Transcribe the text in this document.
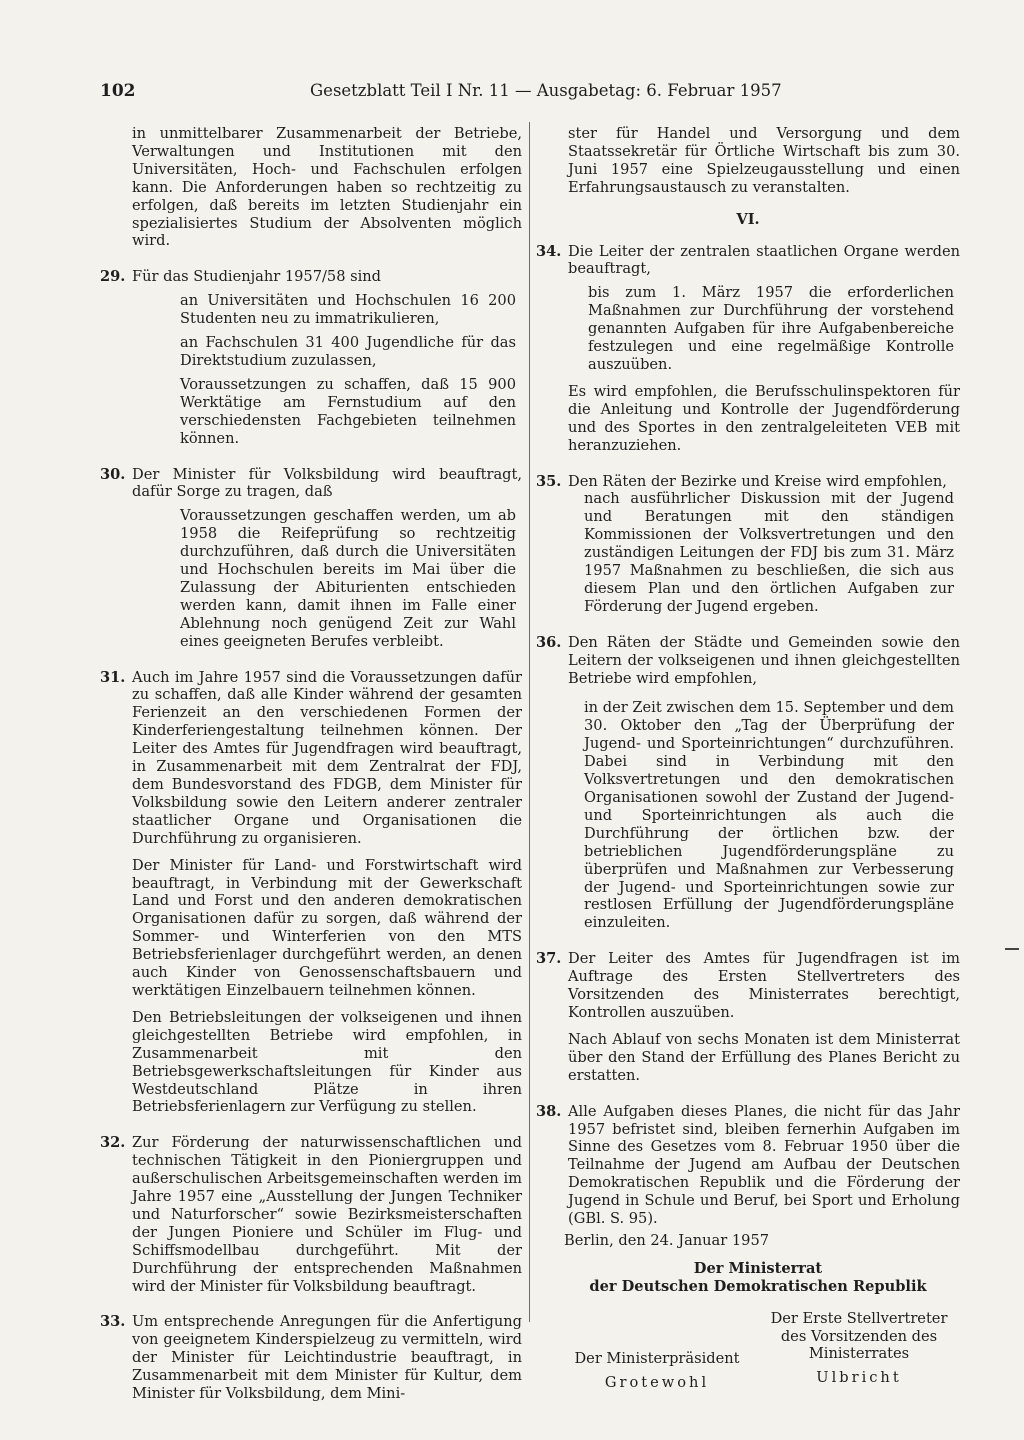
102	Gesetzblatt Teil I Nr. 11 — Ausgabetag: 6. Februar 1957

in unmittelbarer Zusammenarbeit der Betriebe, Verwaltungen und Institutionen mit den Universitäten, Hoch- und Fachschulen erfolgen kann. Die Anforderungen haben so rechtzeitig zu erfolgen, daß bereits im letzten Studienjahr ein spezialisiertes Studium der Absolventen möglich wird.

29. Für das Studienjahr 1957/58 sind

an Universitäten und Hochschulen 16 200 Studenten neu zu immatrikulieren,

an Fachschulen 31 400 Jugendliche für das Direktstudium zuzulassen,

Voraussetzungen zu schaffen, daß 15 900 Werktätige am Fernstudium auf den verschiedensten Fachgebieten teilnehmen können.

30. Der Minister für Volksbildung wird beauftragt, dafür Sorge zu tragen, daß

Voraussetzungen geschaffen werden, um ab 1958 die Reifeprüfung so rechtzeitig durchzuführen, daß durch die Universitäten und Hochschulen bereits im Mai über die Zulassung der Abiturienten entschieden werden kann, damit ihnen im Falle einer Ablehnung noch genügend Zeit zur Wahl eines geeigneten Berufes verbleibt.

31. Auch im Jahre 1957 sind die Voraussetzungen dafür zu schaffen, daß alle Kinder während der gesamten Ferienzeit an den verschiedenen Formen der Kinderferiengestaltung teilnehmen können. Der Leiter des Amtes für Jugendfragen wird beauftragt, in Zusammenarbeit mit dem Zentralrat der FDJ, dem Bundesvorstand des FDGB, dem Minister für Volksbildung sowie den Leitern anderer zentraler staatlicher Organe und Organisationen die Durchführung zu organisieren.

Der Minister für Land- und Forstwirtschaft wird beauftragt, in Verbindung mit der Gewerkschaft Land und Forst und den anderen demokratischen Organisationen dafür zu sorgen, daß während der Sommer- und Winterferien von den MTS Betriebsferienlager durchgeführt werden, an denen auch Kinder von Genossenschaftsbauern und werktätigen Einzelbauern teilnehmen können.

Den Betriebsleitungen der volkseigenen und ihnen gleichgestellten Betriebe wird empfohlen, in Zusammenarbeit mit den Betriebsgewerkschaftsleitungen für Kinder aus Westdeutschland Plätze in ihren Betriebsferienlagern zur Verfügung zu stellen.

32. Zur Förderung der naturwissenschaftlichen und technischen Tätigkeit in den Pioniergruppen und außerschulischen Arbeitsgemeinschaften werden im Jahre 1957 eine „Ausstellung der Jungen Techniker und Naturforscher“ sowie Bezirksmeisterschaften der Jungen Pioniere und Schüler im Flug- und Schiffsmodellbau durchgeführt. Mit der Durchführung der entsprechenden Maßnahmen wird der Minister für Volksbildung beauftragt.

33. Um entsprechende Anregungen für die Anfertigung von geeignetem Kinderspielzeug zu vermitteln, wird der Minister für Leichtindustrie beauftragt, in Zusammenarbeit mit dem Minister für Kultur, dem Minister für Volksbildung, dem Mini-

ster für Handel und Versorgung und dem Staatssekretär für Örtliche Wirtschaft bis zum 30. Juni 1957 eine Spielzeugausstellung und einen Erfahrungsaustausch zu veranstalten.

VI.

34. Die Leiter der zentralen staatlichen Organe werden beauftragt,

bis zum 1. März 1957 die erforderlichen Maßnahmen zur Durchführung der vorstehend genannten Aufgaben für ihre Aufgabenbereiche festzulegen und eine regelmäßige Kontrolle auszuüben.

Es wird empfohlen, die Berufsschulinspektoren für die Anleitung und Kontrolle der Jugendförderung und des Sportes in den zentralgeleiteten VEB mit heranzuziehen.

35. Den Räten der Bezirke und Kreise wird empfohlen,

nach ausführlicher Diskussion mit der Jugend und Beratungen mit den ständigen Kommissionen der Volksvertretungen und den zuständigen Leitungen der FDJ bis zum 31. März 1957 Maßnahmen zu beschließen, die sich aus diesem Plan und den örtlichen Aufgaben zur Förderung der Jugend ergeben.

36. Den Räten der Städte und Gemeinden sowie den Leitern der volkseigenen und ihnen gleichgestellten Betriebe wird empfohlen,

in der Zeit zwischen dem 15. September und dem 30. Oktober den „Tag der Überprüfung der Jugend- und Sporteinrichtungen“ durchzuführen. Dabei sind in Verbindung mit den Volksvertretungen und den demokratischen Organisationen sowohl der Zustand der Jugend- und Sporteinrichtungen als auch die Durchführung der örtlichen bzw. der betrieblichen Jugendförderungspläne zu überprüfen und Maßnahmen zur Verbesserung der Jugend- und Sporteinrichtungen sowie zur restlosen Erfüllung der Jugendförderungspläne einzuleiten.

37. Der Leiter des Amtes für Jugendfragen ist im Auftrage des Ersten Stellvertreters des Vorsitzenden des Ministerrates berechtigt, Kontrollen auszuüben.

Nach Ablauf von sechs Monaten ist dem Ministerrat über den Stand der Erfüllung des Planes Bericht zu erstatten.

38. Alle Aufgaben dieses Planes, die nicht für das Jahr 1957 befristet sind, bleiben fernerhin Aufgaben im Sinne des Gesetzes vom 8. Februar 1950 über die Teilnahme der Jugend am Aufbau der Deutschen Demokratischen Republik und die Förderung der Jugend in Schule und Beruf, bei Sport und Erholung (GBl. S. 95).

Berlin, den 24. Januar 1957

Der Ministerrat

der Deutschen Demokratischen Republik

Der Ministerpräsident
Grotewohl
Der Erste Stellvertreter des Vorsitzenden des Ministerrates
Ulbricht
